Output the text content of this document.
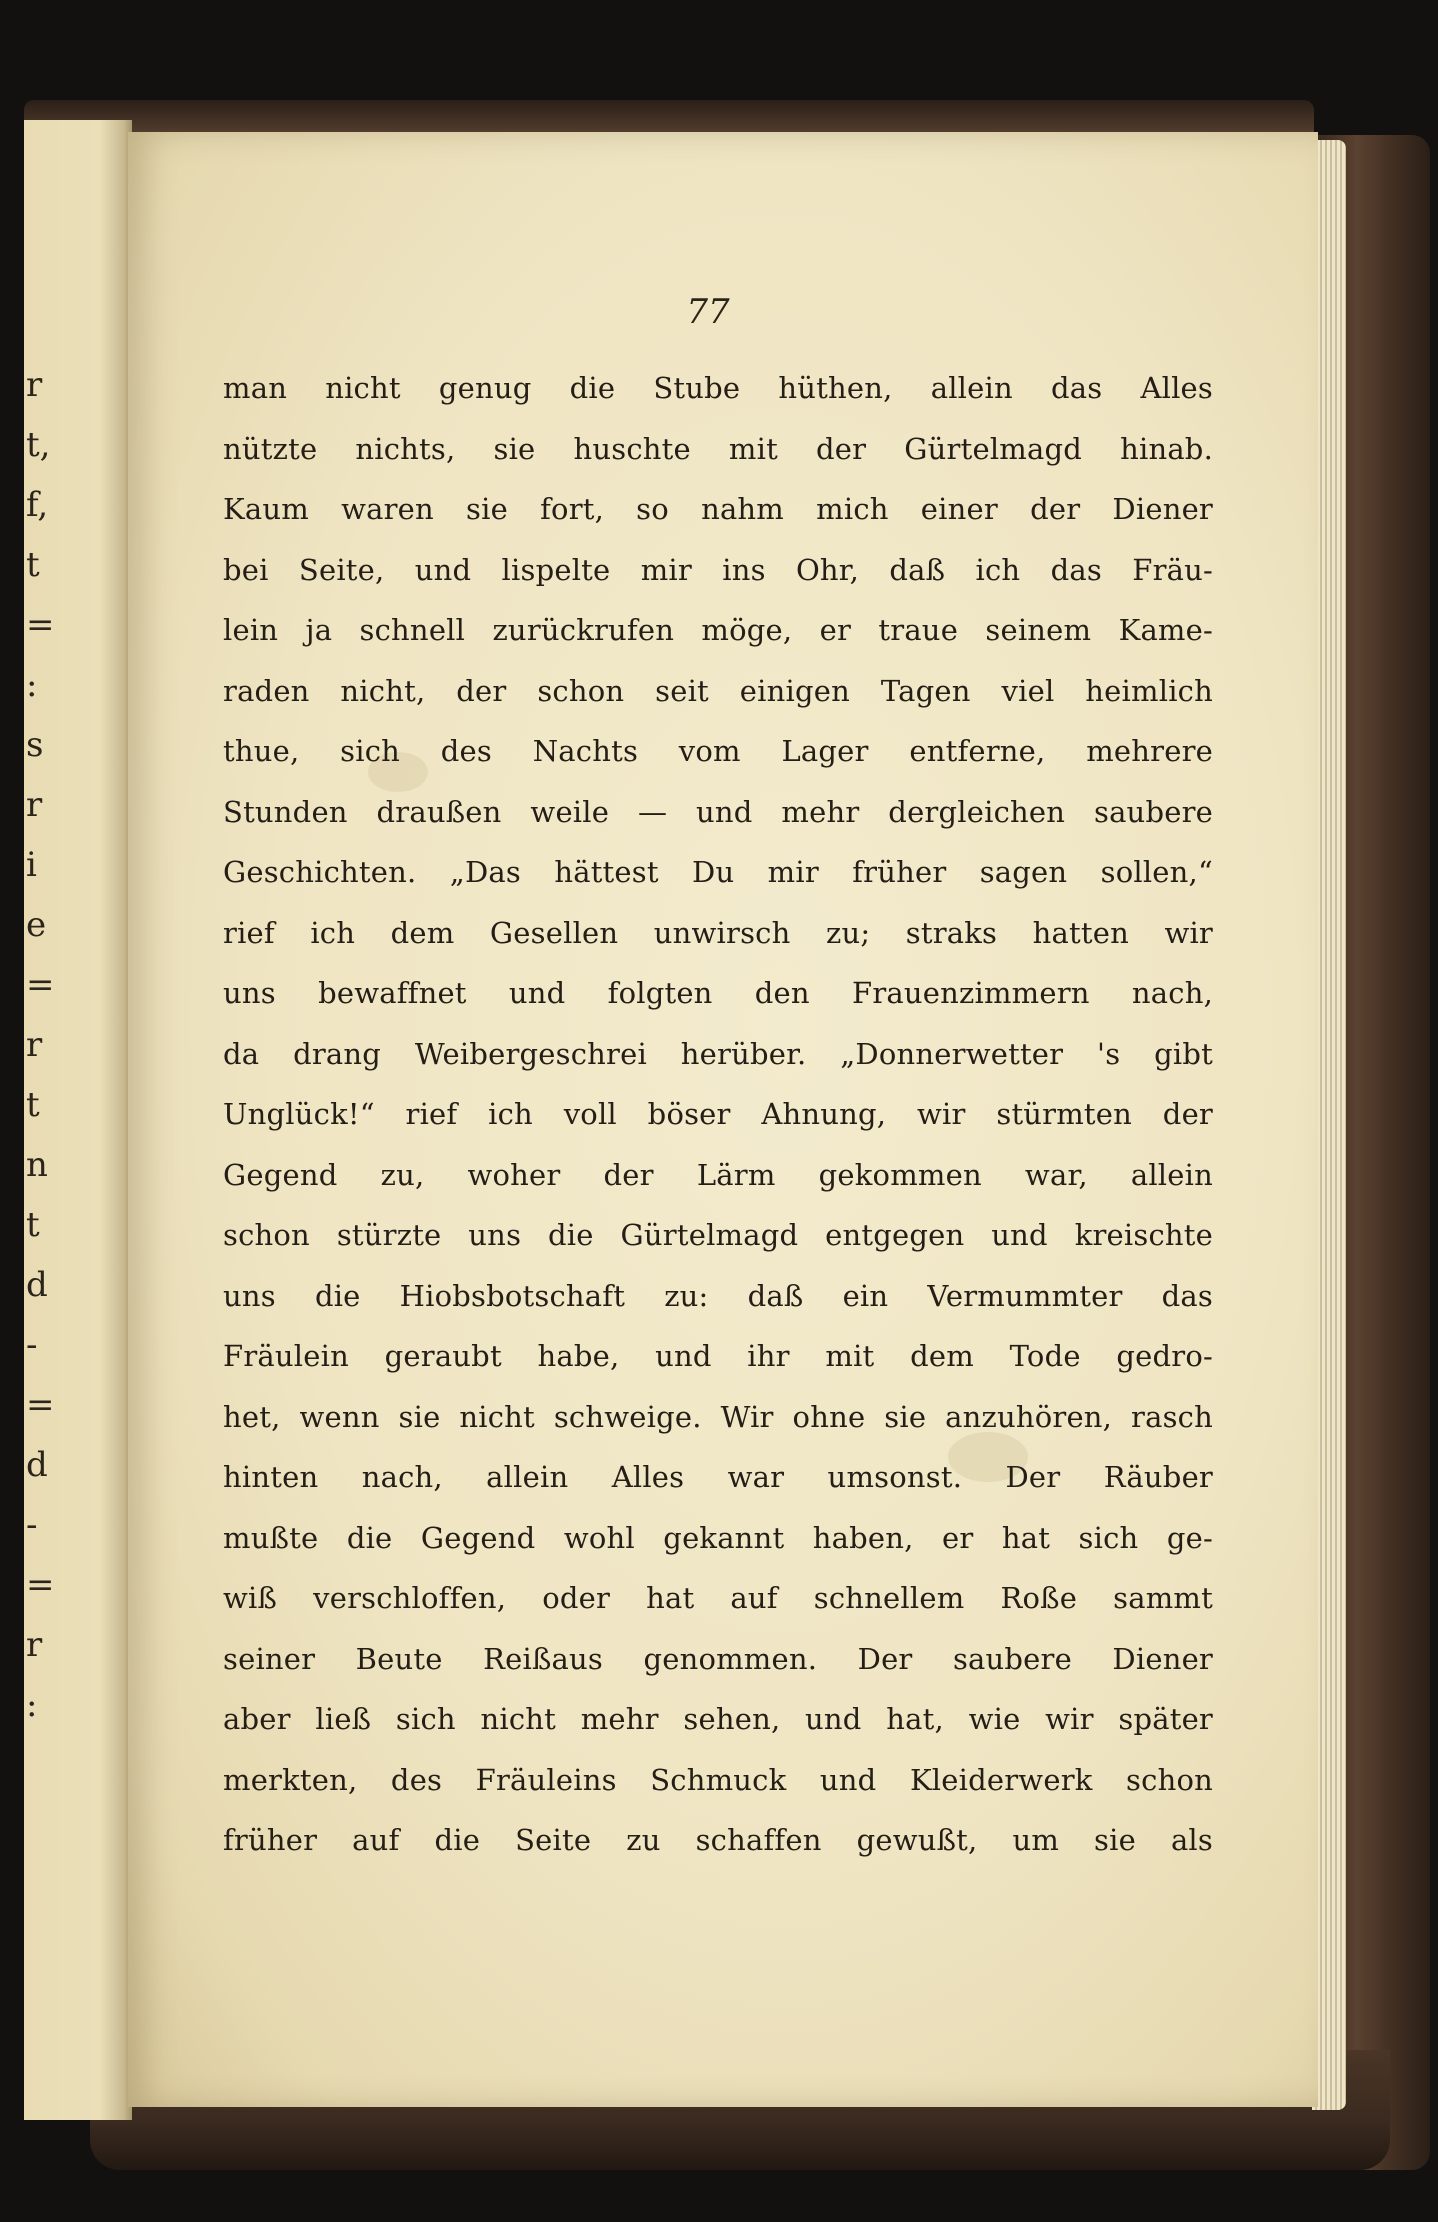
r
t,
f,
t
=
:
s
r
i
e
=
r
t
n
t
d
-
=
d
-
=
r
:
77
man nicht genug die Stube hüthen, allein das Alles
nützte nichts, sie huschte mit der Gürtelmagd hinab.
Kaum waren sie fort, so nahm mich einer der Diener
bei Seite, und lispelte mir ins Ohr, daß ich das Fräu-
lein ja schnell zurückrufen möge, er traue seinem Kame-
raden nicht, der schon seit einigen Tagen viel heimlich
thue, sich des Nachts vom Lager entferne, mehrere
Stunden draußen weile — und mehr dergleichen saubere
Geschichten. „Das hättest Du mir früher sagen sollen,“
rief ich dem Gesellen unwirsch zu; straks hatten wir
uns bewaffnet und folgten den Frauenzimmern nach,
da drang Weibergeschrei herüber. „Donnerwetter 's gibt
Unglück!“ rief ich voll böser Ahnung, wir stürmten der
Gegend zu, woher der Lärm gekommen war, allein
schon stürzte uns die Gürtelmagd entgegen und kreischte
uns die Hiobsbotschaft zu: daß ein Vermummter das
Fräulein geraubt habe, und ihr mit dem Tode gedro-
het, wenn sie nicht schweige. Wir ohne sie anzuhören, rasch
hinten nach, allein Alles war umsonst. Der Räuber
mußte die Gegend wohl gekannt haben, er hat sich ge-
wiß verschloffen, oder hat auf schnellem Roße sammt
seiner Beute Reißaus genommen. Der saubere Diener
aber ließ sich nicht mehr sehen, und hat, wie wir später
merkten, des Fräuleins Schmuck und Kleiderwerk schon
früher auf die Seite zu schaffen gewußt, um sie als
